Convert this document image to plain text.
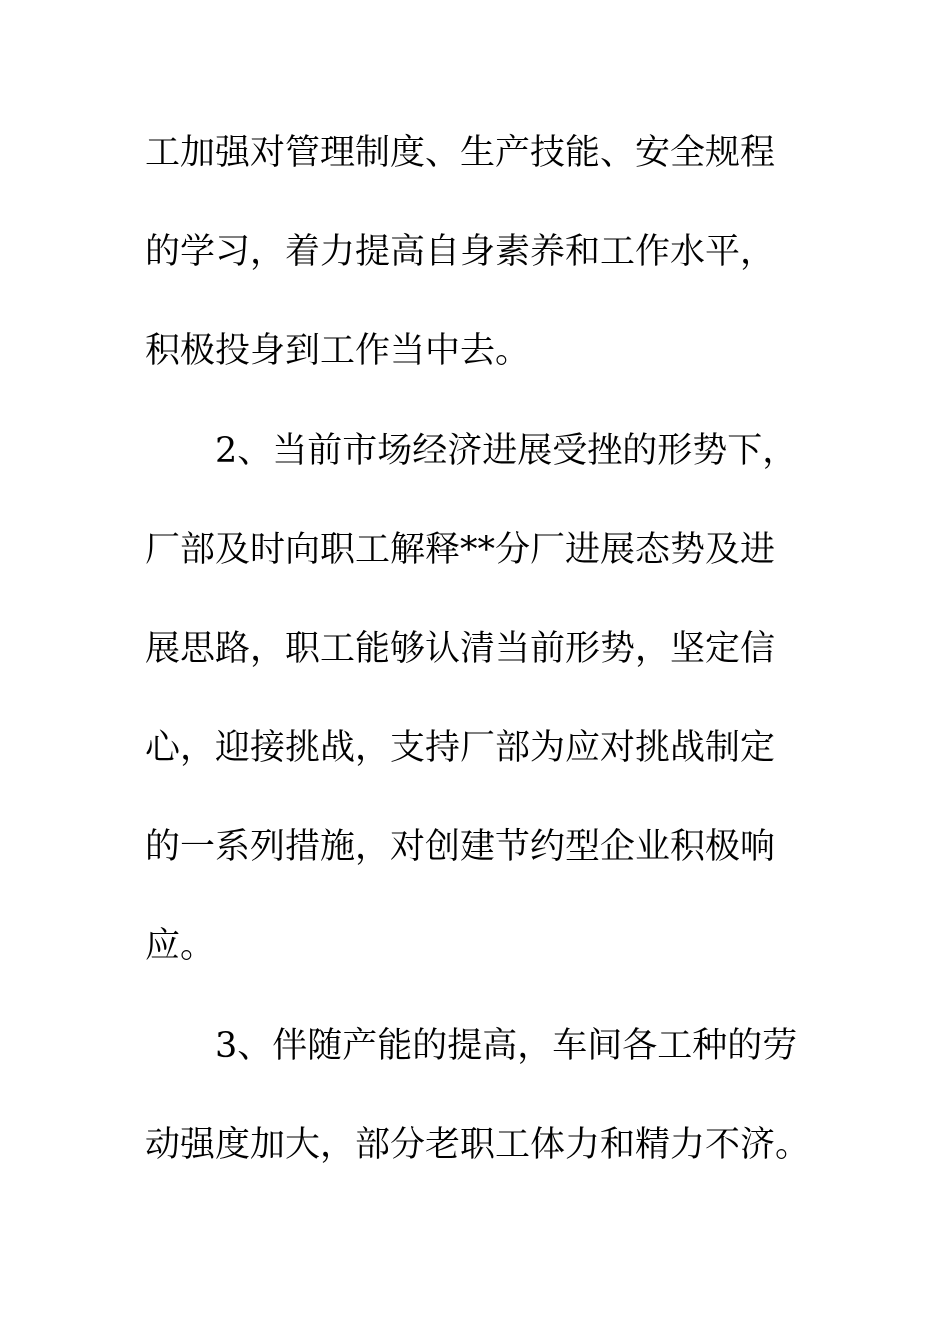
工加强对管理制度、生产技能、安全规程
的学习，着力提高自身素养和工作水平，
积极投身到工作当中去。
2、当前市场经济进展受挫的形势下，
厂部及时向职工解释**分厂进展态势及进
展思路，职工能够认清当前形势，坚定信
心，迎接挑战，支持厂部为应对挑战制定
的一系列措施，对创建节约型企业积极响
应。
3、伴随产能的提高，车间各工种的劳
动强度加大，部分老职工体力和精力不济。
